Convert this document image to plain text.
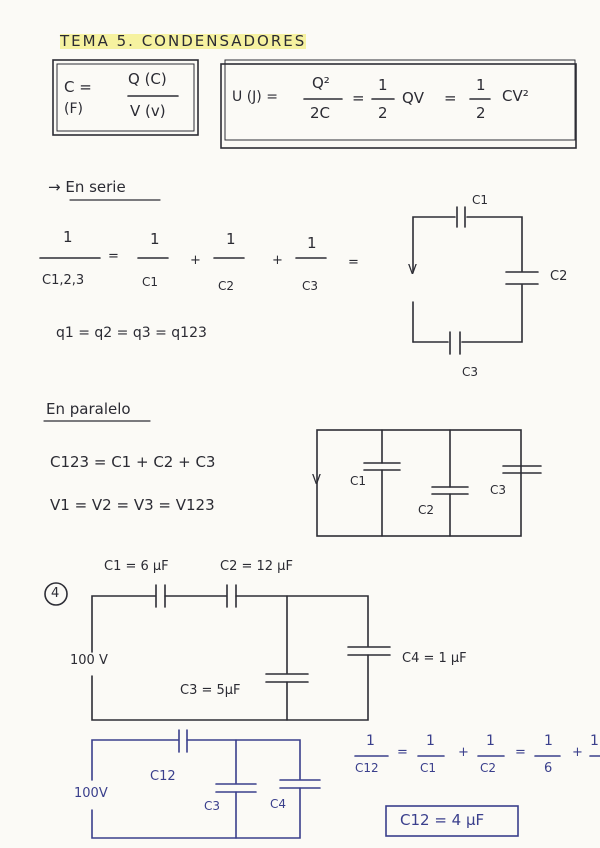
TEMA 5. CONDENSADORES
C =
(F)
Q (C)
V (v)
U (J) =
Q²
2C
=
1
2
QV =
1
2
CV²
→ En serie
1
C1,2,3
=
1
C1
+
1
C2
+
1
C3
=
q1 = q2 = q3 = q123
C1
C2
C3
V
En paralelo
C123 = C1 + C2 + C3
V1 = V2 = V3 = V123
V C1
C2
C3
4
C1 = 6 μF	C2 = 12 μF
C4 = 1 μF
C3 = 5μF
100 V
C12
C3	C4
100V
1
C12
=
1
C1
+
1
C2
=
1
6
+
1
C12 = 4 μF
